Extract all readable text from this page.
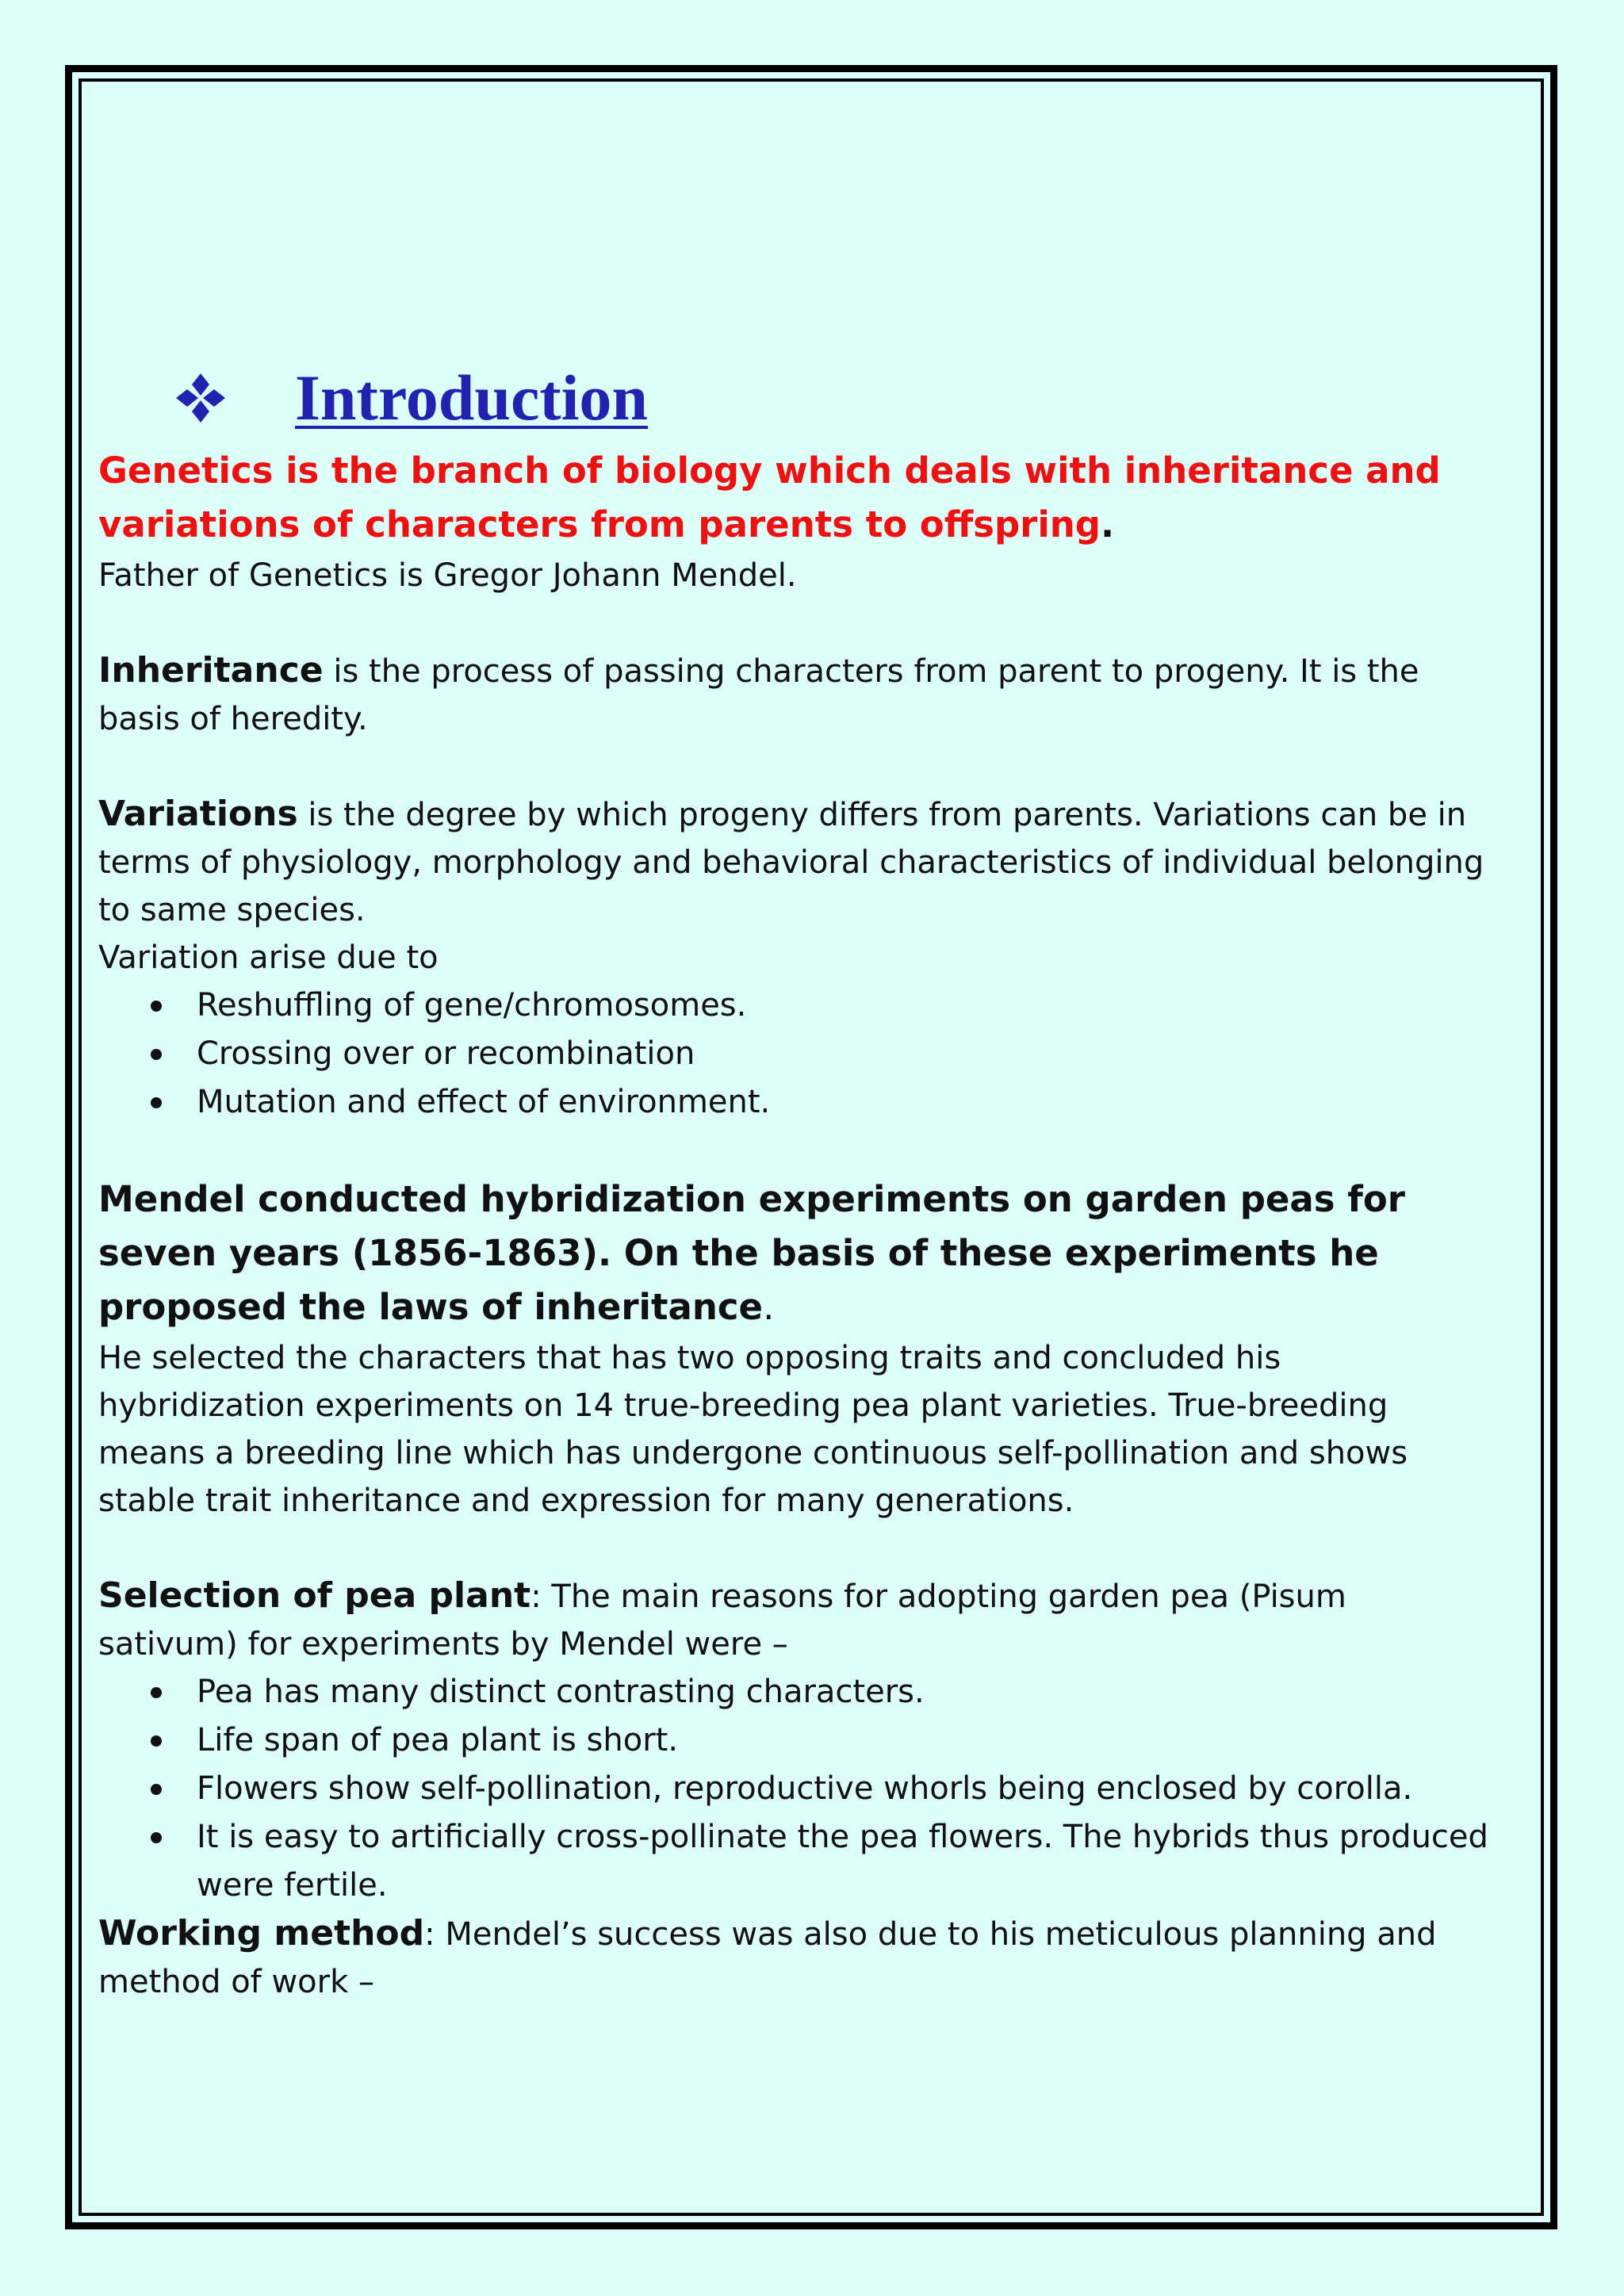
Introduction

Genetics is the branch of biology which deals with inheritance and variations of characters from parents to offspring.

Father of Genetics is Gregor Johann Mendel.

Inheritance is the process of passing characters from parent to progeny. It is the basis of heredity.

Variations is the degree by which progeny differs from parents. Variations can be in terms of physiology, morphology and behavioral characteristics of individual belonging to same species.

Variation arise due to

Reshuffling of gene/chromosomes.
Crossing over or recombination
Mutation and effect of environment.

Mendel conducted hybridization experiments on garden peas for seven years (1856-1863). On the basis of these experiments he proposed the laws of inheritance.

He selected the characters that has two opposing traits and concluded his hybridization experiments on 14 true-breeding pea plant varieties. True-breeding means a breeding line which has undergone continuous self-pollination and shows stable trait inheritance and expression for many generations.

Selection of pea plant: The main reasons for adopting garden pea (Pisum sativum) for experiments by Mendel were –

Pea has many distinct contrasting characters.
Life span of pea plant is short.
Flowers show self-pollination, reproductive whorls being enclosed by corolla.
It is easy to artificially cross-pollinate the pea flowers. The hybrids thus produced were fertile.

Working method: Mendel’s success was also due to his meticulous planning and method of work –
